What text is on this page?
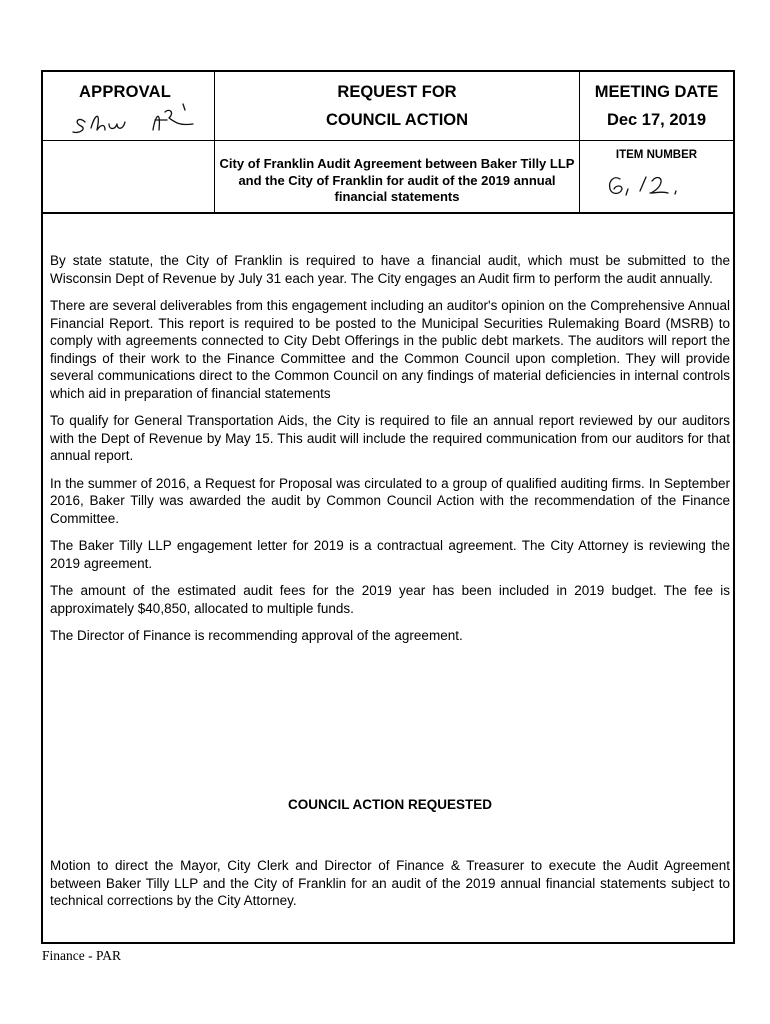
APPROVAL	REQUEST FOR
COUNCIL ACTION
MEETING DATE
Dec 17, 2019
City of Franklin Audit Agreement between Baker Tilly LLP and the City of Franklin for audit of the 2019 annual financial statements
ITEM NUMBER

By state statute, the City of Franklin is required to have a financial audit, which must be submitted to the Wisconsin Dept of Revenue by July 31 each year. The City engages an Audit firm to perform the audit annually.

There are several deliverables from this engagement including an auditor's opinion on the Comprehensive Annual Financial Report. This report is required to be posted to the Municipal Securities Rulemaking Board (MSRB) to comply with agreements connected to City Debt Offerings in the public debt markets. The auditors will report the findings of their work to the Finance Committee and the Common Council upon completion. They will provide several communications direct to the Common Council on any findings of material deficiencies in internal controls which aid in preparation of financial statements

To qualify for General Transportation Aids, the City is required to file an annual report reviewed by our auditors with the Dept of Revenue by May 15. This audit will include the required communication from our auditors for that annual report.

In the summer of 2016, a Request for Proposal was circulated to a group of qualified auditing firms. In September 2016, Baker Tilly was awarded the audit by Common Council Action with the recommendation of the Finance Committee.

The Baker Tilly LLP engagement letter for 2019 is a contractual agreement. The City Attorney is reviewing the 2019 agreement.

The amount of the estimated audit fees for the 2019 year has been included in 2019 budget. The fee is approximately $40,850, allocated to multiple funds.

The Director of Finance is recommending approval of the agreement.

COUNCIL ACTION REQUESTED
Motion to direct the Mayor, City Clerk and Director of Finance & Treasurer to execute the Audit Agreement between Baker Tilly LLP and the City of Franklin for an audit of the 2019 annual financial statements subject to technical corrections by the City Attorney.
Finance - PAR
